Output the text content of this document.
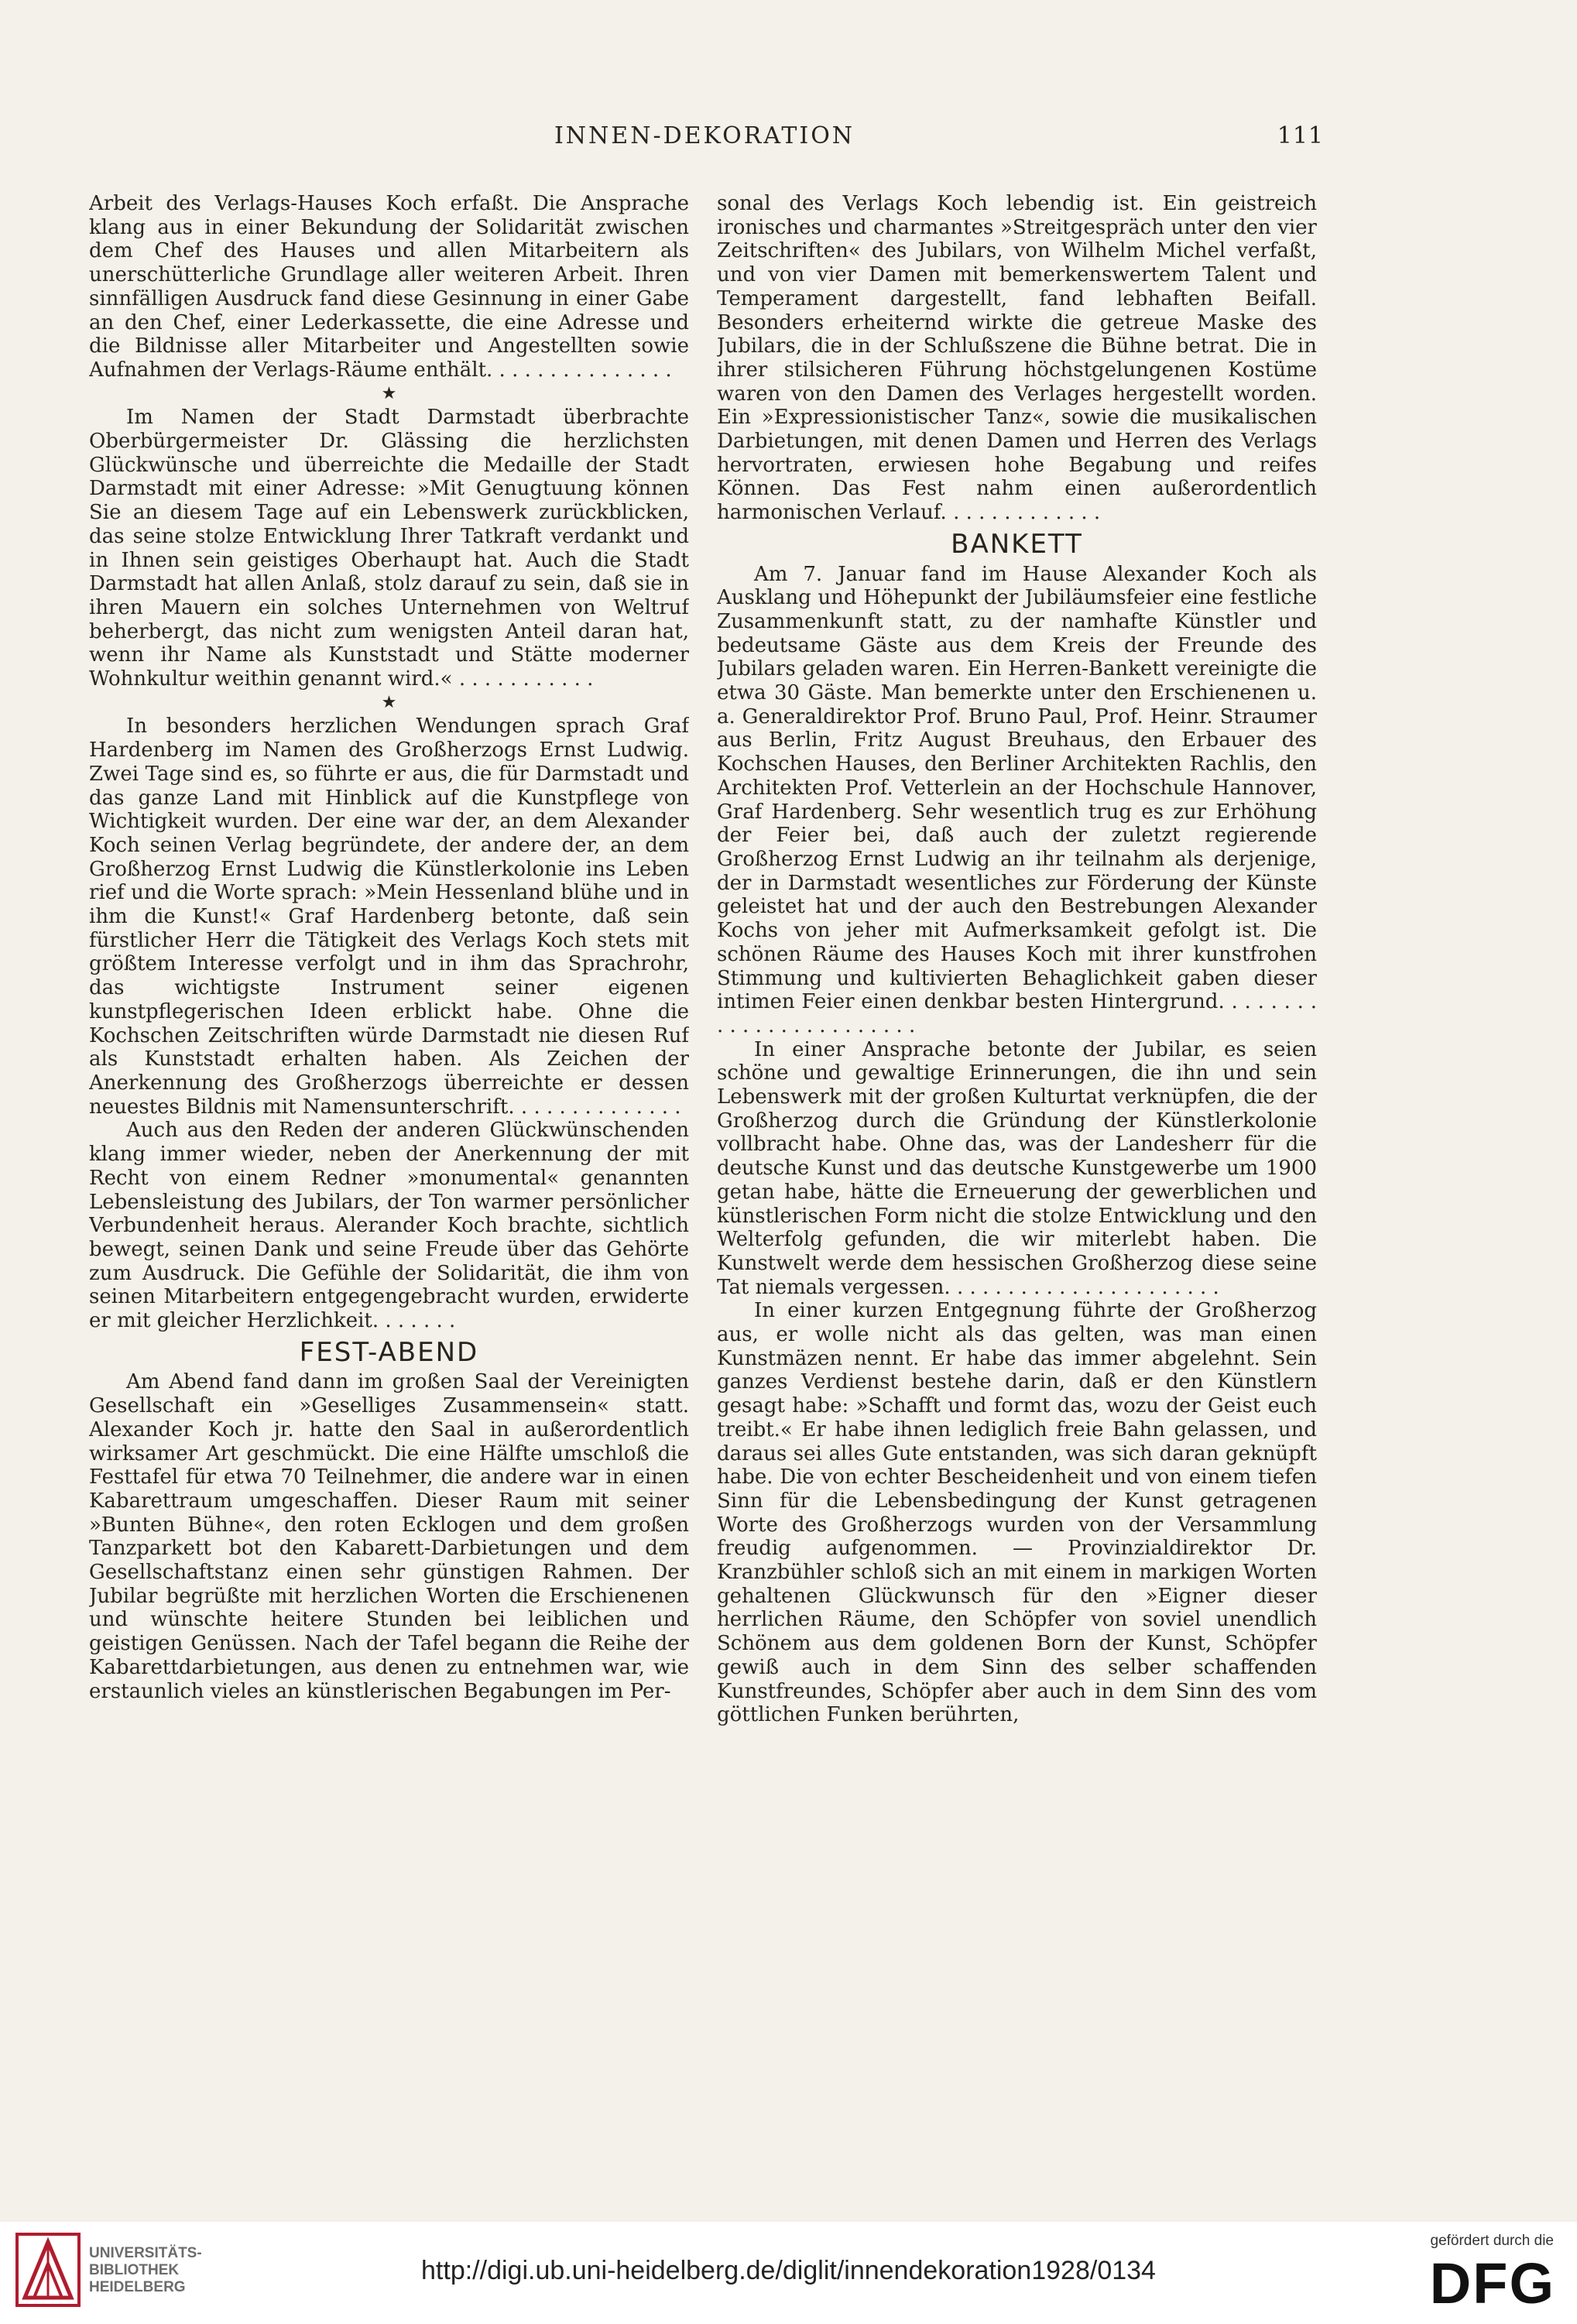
INNEN-DEKORATION	111

Arbeit des Verlags-Hauses Koch erfaßt. Die Ansprache klang aus in einer Bekundung der Solidarität zwischen dem Chef des Hauses und allen Mitarbeitern als unerschütterliche Grundlage aller weiteren Arbeit. Ihren sinnfälligen Ausdruck fand diese Gesinnung in einer Gabe an den Chef, einer Lederkassette, die eine Adresse und die Bildnisse aller Mitarbeiter und Angestellten sowie Aufnahmen der Verlags-Räume enthält. . . . . . . . . . . . . . .

★

Im Namen der Stadt Darmstadt überbrachte Oberbürgermeister Dr. Glässing die herzlichsten Glückwünsche und überreichte die Medaille der Stadt Darmstadt mit einer Adresse: »Mit Genugtuung können Sie an diesem Tage auf ein Lebenswerk zurückblicken, das seine stolze Entwicklung Ihrer Tatkraft verdankt und in Ihnen sein geistiges Oberhaupt hat. Auch die Stadt Darmstadt hat allen Anlaß, stolz darauf zu sein, daß sie in ihren Mauern ein solches Unternehmen von Weltruf beherbergt, das nicht zum wenigsten Anteil daran hat, wenn ihr Name als Kunststadt und Stätte moderner Wohnkultur weithin genannt wird.« . . . . . . . . . . .

★

In besonders herzlichen Wendungen sprach Graf Hardenberg im Namen des Großherzogs Ernst Ludwig. Zwei Tage sind es, so führte er aus, die für Darmstadt und das ganze Land mit Hinblick auf die Kunstpflege von Wichtigkeit wurden. Der eine war der, an dem Alexander Koch seinen Verlag begründete, der andere der, an dem Großherzog Ernst Ludwig die Künstlerkolonie ins Leben rief und die Worte sprach: »Mein Hessenland blühe und in ihm die Kunst!« Graf Hardenberg betonte, daß sein fürstlicher Herr die Tätigkeit des Verlags Koch stets mit größtem Interesse verfolgt und in ihm das Sprachrohr, das wichtigste Instrument seiner eigenen kunstpflegerischen Ideen erblickt habe. Ohne die Kochschen Zeitschriften würde Darmstadt nie diesen Ruf als Kunststadt erhalten haben. Als Zeichen der Anerkennung des Großherzogs überreichte er dessen neuestes Bildnis mit Namensunterschrift. . . . . . . . . . . . . .

Auch aus den Reden der anderen Glückwünschenden klang immer wieder, neben der Anerkennung der mit Recht von einem Redner »monumental« genannten Lebensleistung des Jubilars, der Ton warmer persönlicher Verbundenheit heraus. Alerander Koch brachte, sichtlich bewegt, seinen Dank und seine Freude über das Gehörte zum Ausdruck. Die Gefühle der Solidarität, die ihm von seinen Mitarbeitern entgegengebracht wurden, erwiderte er mit gleicher Herzlichkeit. . . . . . .

FEST-ABEND

Am Abend fand dann im großen Saal der Vereinigten Gesellschaft ein »Geselliges Zusammensein« statt. Alexander Koch jr. hatte den Saal in außerordentlich wirksamer Art geschmückt. Die eine Hälfte umschloß die Festtafel für etwa 70 Teilnehmer, die andere war in einen Kabarettraum umgeschaffen. Dieser Raum mit seiner »Bunten Bühne«, den roten Ecklogen und dem großen Tanzparkett bot den Kabarett-Darbietungen und dem Gesellschaftstanz einen sehr günstigen Rahmen. Der Jubilar begrüßte mit herzlichen Worten die Erschienenen und wünschte heitere Stunden bei leiblichen und geistigen Genüssen. Nach der Tafel begann die Reihe der Kabarettdarbietungen, aus denen zu entnehmen war, wie erstaunlich vieles an künstlerischen Begabungen im Per-

sonal des Verlags Koch lebendig ist. Ein geistreich ironisches und charmantes »Streitgespräch unter den vier Zeitschriften« des Jubilars, von Wilhelm Michel verfaßt, und von vier Damen mit bemerkenswertem Talent und Temperament dargestellt, fand lebhaften Beifall. Besonders erheiternd wirkte die getreue Maske des Jubilars, die in der Schlußszene die Bühne betrat. Die in ihrer stilsicheren Führung höchstgelungenen Kostüme waren von den Damen des Verlages hergestellt worden. Ein »Expressionistischer Tanz«, sowie die musikalischen Darbietungen, mit denen Damen und Herren des Verlags hervortraten, erwiesen hohe Begabung und reifes Können. Das Fest nahm einen außerordentlich harmonischen Verlauf. . . . . . . . . . . . .

BANKETT

Am 7. Januar fand im Hause Alexander Koch als Ausklang und Höhepunkt der Jubiläumsfeier eine festliche Zusammenkunft statt, zu der namhafte Künstler und bedeutsame Gäste aus dem Kreis der Freunde des Jubilars geladen waren. Ein Herren-Bankett vereinigte die etwa 30 Gäste. Man bemerkte unter den Erschienenen u. a. Generaldirektor Prof. Bruno Paul, Prof. Heinr. Straumer aus Berlin, Fritz August Breuhaus, den Erbauer des Kochschen Hauses, den Berliner Architekten Rachlis, den Architekten Prof. Vetterlein an der Hochschule Hannover, Graf Hardenberg. Sehr wesentlich trug es zur Erhöhung der Feier bei, daß auch der zuletzt regierende Großherzog Ernst Ludwig an ihr teilnahm als derjenige, der in Darmstadt wesentliches zur Förderung der Künste geleistet hat und der auch den Bestrebungen Alexander Kochs von jeher mit Aufmerksamkeit gefolgt ist. Die schönen Räume des Hauses Koch mit ihrer kunstfrohen Stimmung und kultivierten Behaglichkeit gaben dieser intimen Feier einen denkbar besten Hintergrund. . . . . . . . . . . . . . . . . . . . . . . .

In einer Ansprache betonte der Jubilar, es seien schöne und gewaltige Erinnerungen, die ihn und sein Lebenswerk mit der großen Kulturtat verknüpfen, die der Großherzog durch die Gründung der Künstlerkolonie vollbracht habe. Ohne das, was der Landesherr für die deutsche Kunst und das deutsche Kunstgewerbe um 1900 getan habe, hätte die Erneuerung der gewerblichen und künstlerischen Form nicht die stolze Entwicklung und den Welterfolg gefunden, die wir miterlebt haben. Die Kunstwelt werde dem hessischen Großherzog diese seine Tat niemals vergessen. . . . . . . . . . . . . . . . . . . . . .

In einer kurzen Entgegnung führte der Großherzog aus, er wolle nicht als das gelten, was man einen Kunstmäzen nennt. Er habe das immer abgelehnt. Sein ganzes Verdienst bestehe darin, daß er den Künstlern gesagt habe: »Schafft und formt das, wozu der Geist euch treibt.« Er habe ihnen lediglich freie Bahn gelassen, und daraus sei alles Gute entstanden, was sich daran geknüpft habe. Die von echter Bescheidenheit und von einem tiefen Sinn für die Lebensbedingung der Kunst getragenen Worte des Großherzogs wurden von der Versammlung freudig aufgenommen. — Provinzialdirektor Dr. Kranzbühler schloß sich an mit einem in markigen Worten gehaltenen Glückwunsch für den »Eigner dieser herrlichen Räume, den Schöpfer von soviel unendlich Schönem aus dem goldenen Born der Kunst, Schöpfer gewiß auch in dem Sinn des selber schaffenden Kunstfreundes, Schöpfer aber auch in dem Sinn des vom göttlichen Funken berührten,

UNIVERSITÄTS-
BIBLIOTHEK
HEIDELBERG
http://digi.ub.uni-heidelberg.de/diglit/innendekoration1928/0134
gefördert durch die
DFG
